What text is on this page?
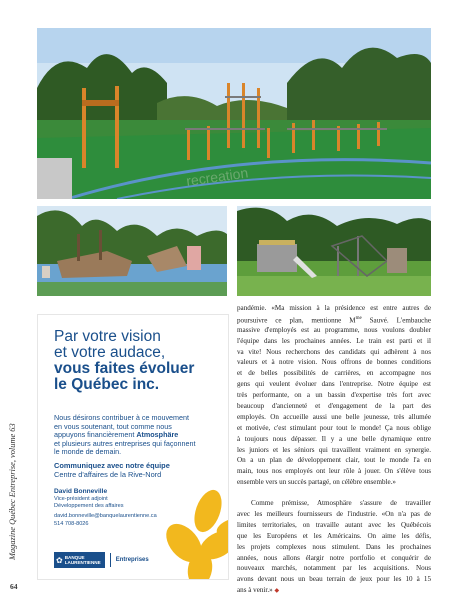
recreation
Par votre vision
et votre audace,
vous faites évoluer
le Québec inc.
Nous désirons contribuer à ce mouvement
en vous soutenant, tout comme nous
appuyons financièrement Atmosphäre
et plusieurs autres entreprises qui façonnent
le monde de demain.
Communiquez avec notre équipe
Centre d'affaires de la Rive-Nord
David Bonneville
Vice-président adjoint
Développement des affaires
david.bonneville@banquelaurentienne.ca
514 708-8026
✿ BANQUE
LAURENTIENNE	Entreprises
pandémie. «Ma mission à la présidence est entre autres de
poursuivre ce plan, mentionne $M^{me}$ Sauvé. L'embauche
massive d'employés est au programme, nous voulons doubler
l'équipe dans les prochaines années. Le train est parti et il
va vite! Nous recherchons des candidats qui adhèrent à nos
valeurs et à notre vision. Nous offrons de bonnes conditions
et de belles possibilités de carrières, en accompagne nos
gens qui veulent évoluer dans l'entreprise. Notre équipe est
très performante, on a un bassin d'expertise très fort avec
beaucoup d'ancienneté et d'engagement de la part des
employés. On accueille aussi une belle jeunesse, très allumée
et motivée, c'est stimulant pour tout le monde! Ça nous oblige
à toujours nous dépasser. Il y a une belle dynamique entre
les juniors et les séniors qui travaillent vraiment en synergie.
On a un plan de développement clair, tout le monde l'a en
main, tous nos employés ont leur rôle à jouer. On s'élève tous
ensemble vers un succès partagé, on célèbre ensemble.»
Comme prémisse, Atmosphäre s'assure de travailler
avec les meilleurs fournisseurs de l'industrie. «On n'a pas de
limites territoriales, on travaille autant avec les Québécois
que les Européens et les Américains. On aime les défis,
les projets complexes nous stimulent. Dans les prochaines
années, nous allons élargir notre portfolio et conquérir de
nouveaux marchés, notamment par les acquisitions. Nous
avons devant nous un beau terrain de jeux pour les 10 à 15
ans à venir.» ◆
Magazine Québec Entreprise, volume 63
64
